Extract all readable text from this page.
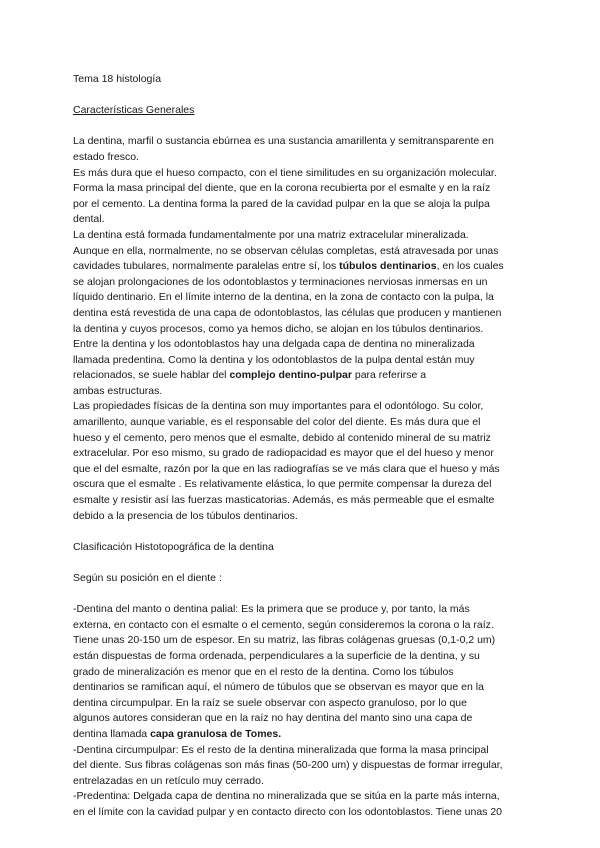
Tema 18 histología
Características Generales
La dentina, marfil o sustancia ebúrnea es una sustancia amarillenta y semitransparente en
estado fresco.
Es más dura que el hueso compacto, con el tiene similitudes en su organización molecular.
Forma la masa principal del diente, que en la corona recubierta por el esmalte y en la raíz
por el cemento. La dentina forma la pared de la cavidad pulpar en la que se aloja la pulpa
dental.
La dentina está formada fundamentalmente por una matriz extracelular mineralizada.
Aunque en ella, normalmente, no se observan células completas, está atravesada por unas
cavidades tubulares, normalmente paralelas entre sí, los túbulos dentinarios, en los cuales
se alojan prolongaciones de los odontoblastos y terminaciones nerviosas inmersas en un
líquido dentinario. En el límite interno de la dentina, en la zona de contacto con la pulpa, la
dentina está revestida de una capa de odontoblastos, las células que producen y mantienen
la dentina y cuyos procesos, como ya hemos dicho, se alojan en los túbulos dentinarios.
Entre la dentina y los odontoblastos hay una delgada capa de dentina no mineralizada
llamada predentina. Como la dentina y los odontoblastos de la pulpa dental están muy
relacionados, se suele hablar del complejo dentino-pulpar para referirse a
ambas estructuras.
Las propiedades físicas de la dentina son muy importantes para el odontólogo. Su color,
amarillento, aunque variable, es el responsable del color del diente. Es más dura que el
hueso y el cemento, pero menos que el esmalte, debido al contenido mineral de su matriz
extracelular. Por eso mismo, su grado de radiopacidad es mayor que el del hueso y menor
que el del esmalte, razón por la que en las radiografías se ve más clara que el hueso y más
oscura que el esmalte . Es relativamente elástica, lo que permite compensar la dureza del
esmalte y resistir así las fuerzas masticatorias. Además, es más permeable que el esmalte
debido a la presencia de los túbulos dentinarios.
Clasificación Histotopográfica de la dentina
Según su posición en el diente :
-Dentina del manto o dentina palial: Es la primera que se produce y, por tanto, la más
externa, en contacto con el esmalte o el cemento, según consideremos la corona o la raíz.
Tiene unas 20-150 um de espesor. En su matriz, las fibras colágenas gruesas (0,1-0,2 um)
están dispuestas de forma ordenada, perpendiculares a la superficie de la dentina, y su
grado de mineralización es menor que en el resto de la dentina. Como los túbulos
dentinarios se ramifican aquí, el número de túbulos que se observan es mayor que en la
dentina circumpulpar. En la raíz se suele observar con aspecto granuloso, por lo que
algunos autores consideran que en la raíz no hay dentina del manto sino una capa de
dentina llamada capa granulosa de Tomes.
-Dentina circumpulpar: Es el resto de la dentina mineralizada que forma la masa principal
del diente. Sus fibras colágenas son más finas (50-200 um) y dispuestas de formar irregular,
entrelazadas en un retículo muy cerrado.
-Predentina: Delgada capa de dentina no mineralizada que se sitúa en la parte más interna,
en el límite con la cavidad pulpar y en contacto directo con los odontoblastos. Tiene unas 20
